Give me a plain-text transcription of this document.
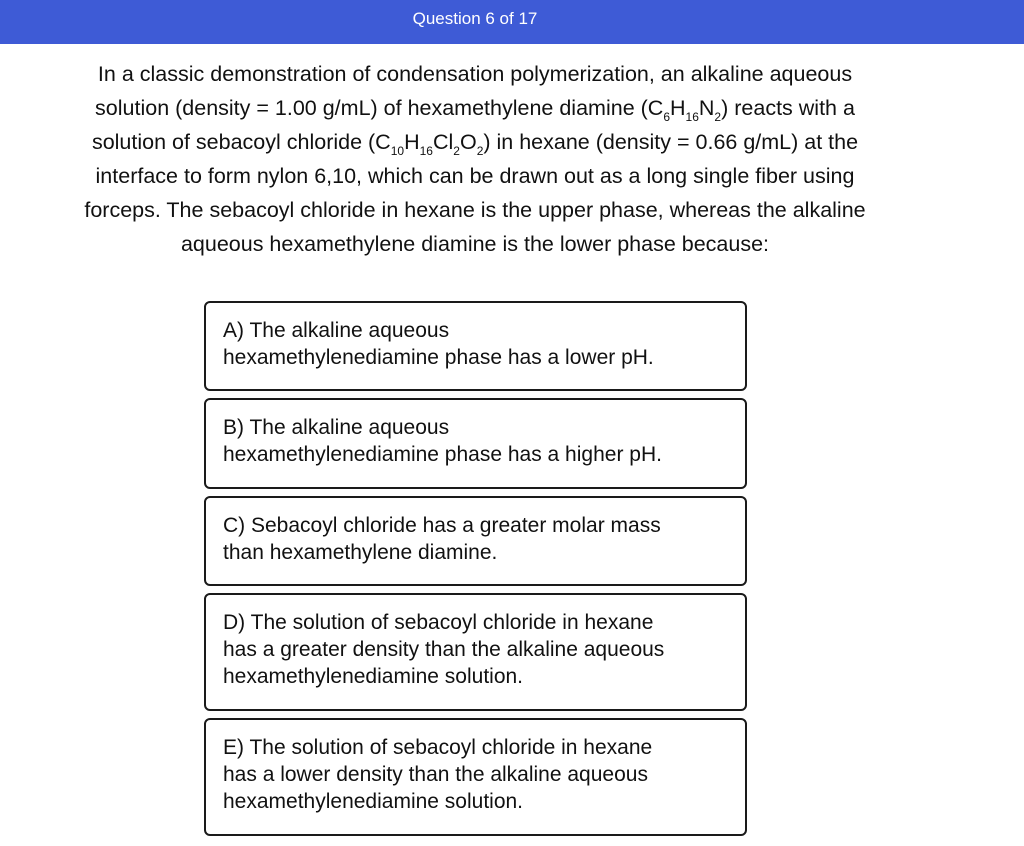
Question 6 of 17
In a classic demonstration of condensation polymerization, an alkaline aqueous
solution (density = 1.00 g/mL) of hexamethylene diamine $(C_6H_{16}N_2)$ reacts with a
solution of sebacoyl chloride $(C_{10}H_{16}Cl_2O_2)$ in hexane (density = 0.66 g/mL) at the
interface to form nylon 6,10, which can be drawn out as a long single fiber using
forceps. The sebacoyl chloride in hexane is the upper phase, whereas the alkaline
aqueous hexamethylene diamine is the lower phase because:
A) The alkaline aqueous
hexamethylenediamine phase has a lower pH.
B) The alkaline aqueous
hexamethylenediamine phase has a higher pH.
C) Sebacoyl chloride has a greater molar mass
than hexamethylene diamine.
D) The solution of sebacoyl chloride in hexane
has a greater density than the alkaline aqueous
hexamethylenediamine solution.
E) The solution of sebacoyl chloride in hexane
has a lower density than the alkaline aqueous
hexamethylenediamine solution.
